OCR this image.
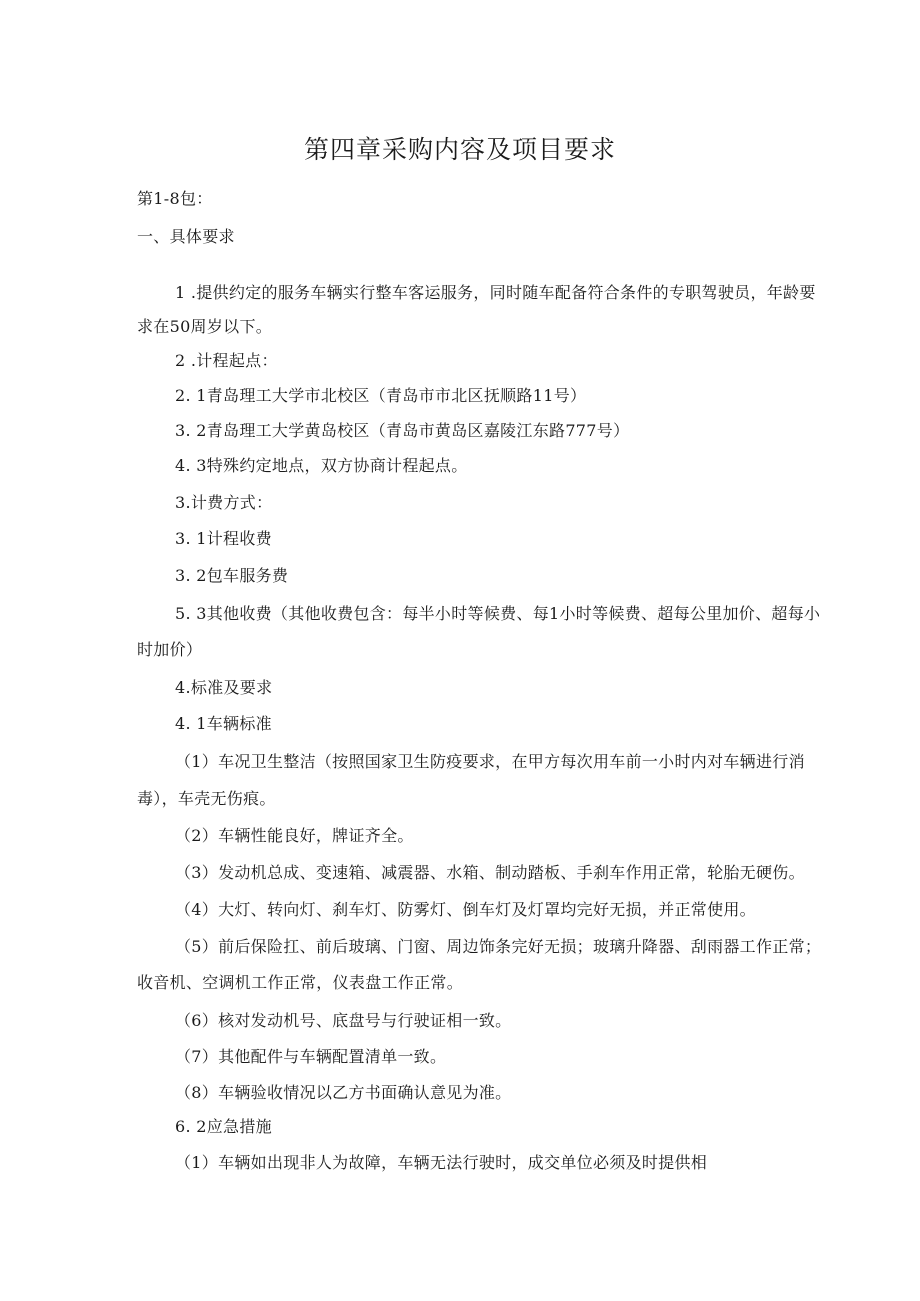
第四章采购内容及项目要求
第1-8包：
一、具体要求
1 .提供约定的服务车辆实行整车客运服务，同时随车配备符合条件的专职驾驶员，年龄要
求在50周岁以下。
2 .计程起点：
2. 1青岛理工大学市北校区（青岛市市北区抚顺路11号）
3. 2青岛理工大学黄岛校区（青岛市黄岛区嘉陵江东路777号）
4. 3特殊约定地点，双方协商计程起点。
3.计费方式：
3. 1计程收费
3. 2包车服务费
5. 3其他收费（其他收费包含：每半小时等候费、每1小时等候费、超每公里加价、超每小
时加价）
4.标准及要求
4. 1车辆标准
（1）车况卫生整洁（按照国家卫生防疫要求，在甲方每次用车前一小时内对车辆进行消
毒），车壳无伤痕。
（2）车辆性能良好，牌证齐全。
（3）发动机总成、变速箱、减震器、水箱、制动踏板、手刹车作用正常，轮胎无硬伤。
（4）大灯、转向灯、刹车灯、防雾灯、倒车灯及灯罩均完好无损，并正常使用。
（5）前后保险扛、前后玻璃、门窗、周边饰条完好无损；玻璃升降器、刮雨器工作正常；
收音机、空调机工作正常，仪表盘工作正常。
（6）核对发动机号、底盘号与行驶证相一致。
（7）其他配件与车辆配置清单一致。
（8）车辆验收情况以乙方书面确认意见为准。
6. 2应急措施
（1）车辆如出现非人为故障，车辆无法行驶时，成交单位必须及时提供相
